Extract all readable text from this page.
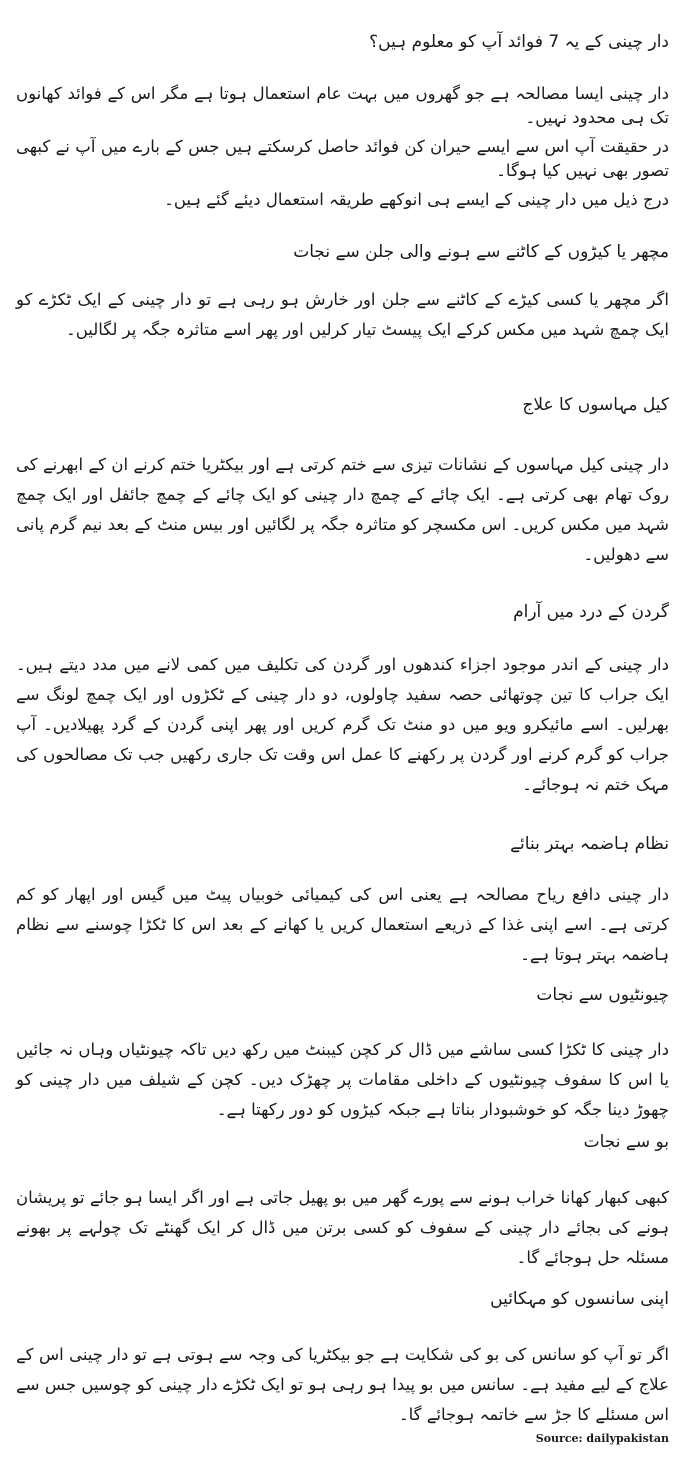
دار چینی کے یہ 7 فوائد آپ کو معلوم ہیں؟
دار چینی ایسا مصالحہ ہے جو گھروں میں بہت عام استعمال ہوتا ہے مگر اس کے فوائد کھانوں تک ہی محدود نہیں۔
در حقیقت آپ اس سے ایسے حیران کن فوائد حاصل کرسکتے ہیں جس کے بارے میں آپ نے کبھی تصور بھی نہیں کیا ہوگا۔
درج ذیل میں دار چینی کے ایسے ہی انوکھے طریقہ استعمال دیئے گئے ہیں۔
مچھر یا کیڑوں کے کاٹنے سے ہونے والی جلن سے نجات
اگر مچھر یا کسی کیڑے کے کاٹنے سے جلن اور خارش ہو رہی ہے تو دار چینی کے ایک ٹکڑے کو ایک چمچ شہد میں مکس کرکے ایک پیسٹ تیار کرلیں اور پھر اسے متاثرہ جگہ پر لگالیں۔
کیل مہاسوں کا علاج
دار چینی کیل مہاسوں کے نشانات تیزی سے ختم کرتی ہے اور بیکٹریا ختم کرنے ان کے ابھرنے کی روک تھام بھی کرتی ہے۔ ایک چائے کے چمچ دار چینی کو ایک چائے کے چمچ جائفل اور ایک چمچ شہد میں مکس کریں۔ اس مکسچر کو متاثرہ جگہ پر لگائیں اور بیس منٹ کے بعد نیم گرم پانی سے دھولیں۔
گردن کے درد میں آرام
دار چینی کے اندر موجود اجزاء کندھوں اور گردن کی تکلیف میں کمی لانے میں مدد دیتے ہیں۔ ایک جراب کا تین چوتھائی حصہ سفید چاولوں، دو دار چینی کے ٹکڑوں اور ایک چمچ لونگ سے بھرلیں۔ اسے مائیکرو ویو میں دو منٹ تک گرم کریں اور پھر اپنی گردن کے گرد پھیلادیں۔ آپ جراب کو گرم کرنے اور گردن پر رکھنے کا عمل اس وقت تک جاری رکھیں جب تک مصالحوں کی مہک ختم نہ ہوجائے۔
نظام ہاضمہ بہتر بنائے
دار چینی دافع ریاح مصالحہ ہے یعنی اس کی کیمیائی خوبیاں پیٹ میں گیس اور اپھار کو کم کرتی ہے۔ اسے اپنی غذا کے ذریعے استعمال کریں یا کھانے کے بعد اس کا ٹکڑا چوسنے سے نظام ہاضمہ بہتر ہوتا ہے۔
چیونٹیوں سے نجات
دار چینی کا ٹکڑا کسی ساشے میں ڈال کر کچن کیبنٹ میں رکھ دیں تاکہ چیونٹیاں وہاں نہ جائیں یا اس کا سفوف چیونٹیوں کے داخلی مقامات پر چھڑک دیں۔ کچن کے شیلف میں دار چینی کو چھوڑ دینا جگہ کو خوشبودار بناتا ہے جبکہ کیڑوں کو دور رکھتا ہے۔
بو سے نجات
کبھی کبھار کھانا خراب ہونے سے پورے گھر میں بو پھیل جاتی ہے اور اگر ایسا ہو جائے تو پریشان ہونے کی بجائے دار چینی کے سفوف کو کسی برتن میں ڈال کر ایک گھنٹے تک چولہے پر بھونے مسئلہ حل ہوجائے گا۔
اپنی سانسوں کو مہکائیں
اگر تو آپ کو سانس کی بو کی شکایت ہے جو بیکٹریا کی وجہ سے ہوتی ہے تو دار چینی اس کے علاج کے لیے مفید ہے۔ سانس میں بو پیدا ہو رہی ہو تو ایک ٹکڑے دار چینی کو چوسیں جس سے اس مسئلے کا جڑ سے خاتمہ ہوجائے گا۔
Source: dailypakistan
